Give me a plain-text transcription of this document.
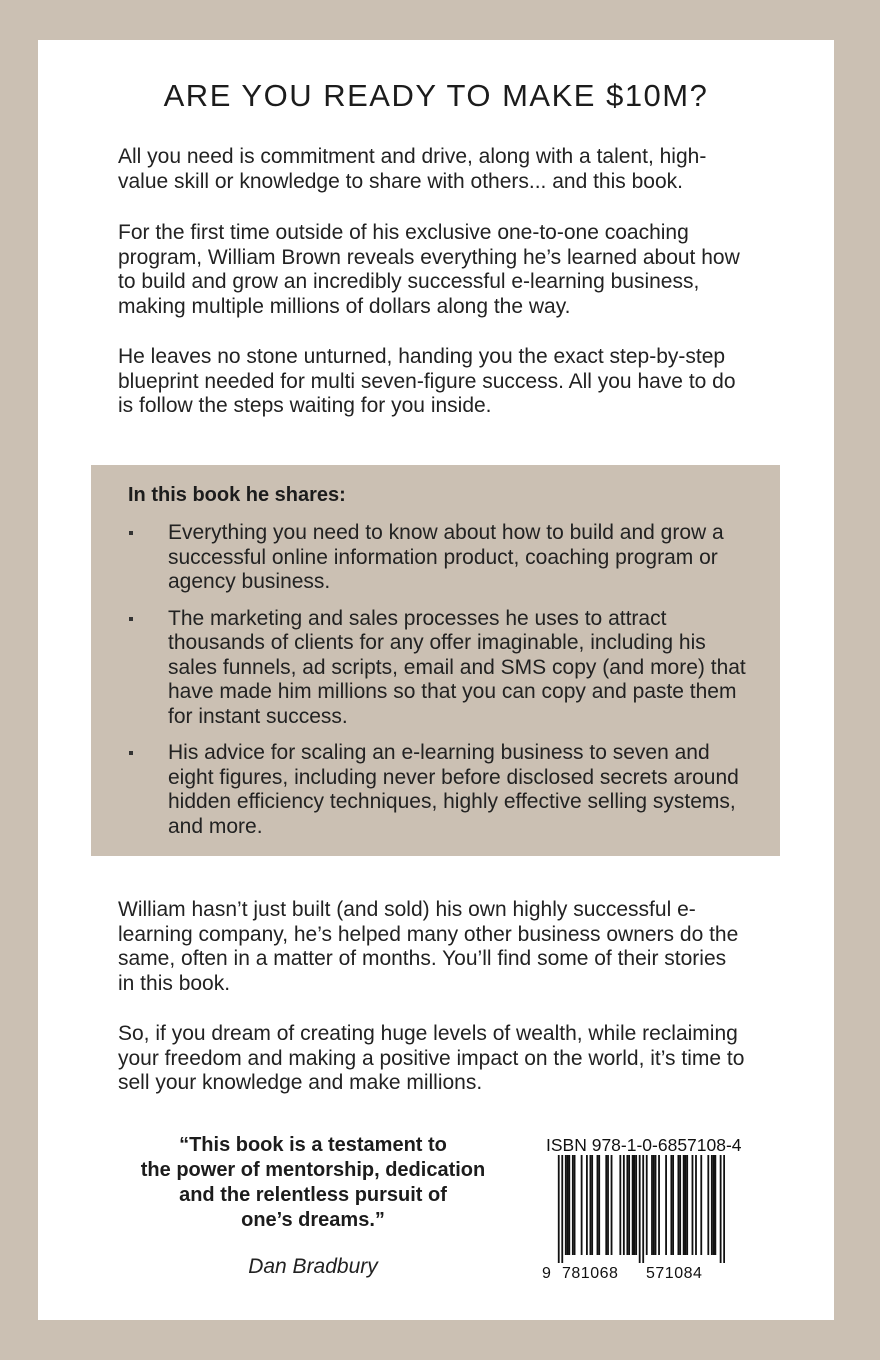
ARE YOU READY TO MAKE $10M?

All you need is commitment and drive, along with a talent, high-value skill or knowledge to share with others... and this book.

For the first time outside of his exclusive one-to-one coaching program, William Brown reveals everything he’s learned about how to build and grow an incredibly successful e-learning business, making multiple millions of dollars along the way.

He leaves no stone unturned, handing you the exact step-by-step blueprint needed for multi seven-figure success. All you have to do is follow the steps waiting for you inside.

In this book he shares:

Everything you need to know about how to build and grow a successful online information product, coaching program or agency business.
The marketing and sales processes he uses to attract thousands of clients for any offer imaginable, including his sales funnels, ad scripts, email and SMS copy (and more) that have made him millions so that you can copy and paste them for instant success.
His advice for scaling an e-learning business to seven and eight figures, including never before disclosed secrets around hidden efficiency techniques, highly effective selling systems, and more.

William hasn’t just built (and sold) his own highly successful e-learning company, he’s helped many other business owners do the same, often in a matter of months. You’ll find some of their stories in this book.

So, if you dream of creating huge levels of wealth, while reclaiming your freedom and making a positive impact on the world, it’s time to sell your knowledge and make millions.

“This book is a testament to
the power of mentorship, dedication
and the relentless pursuit of
one’s dreams.”
Dan Bradbury
ISBN 978-1-0-6857108-4
9 781068 571084
